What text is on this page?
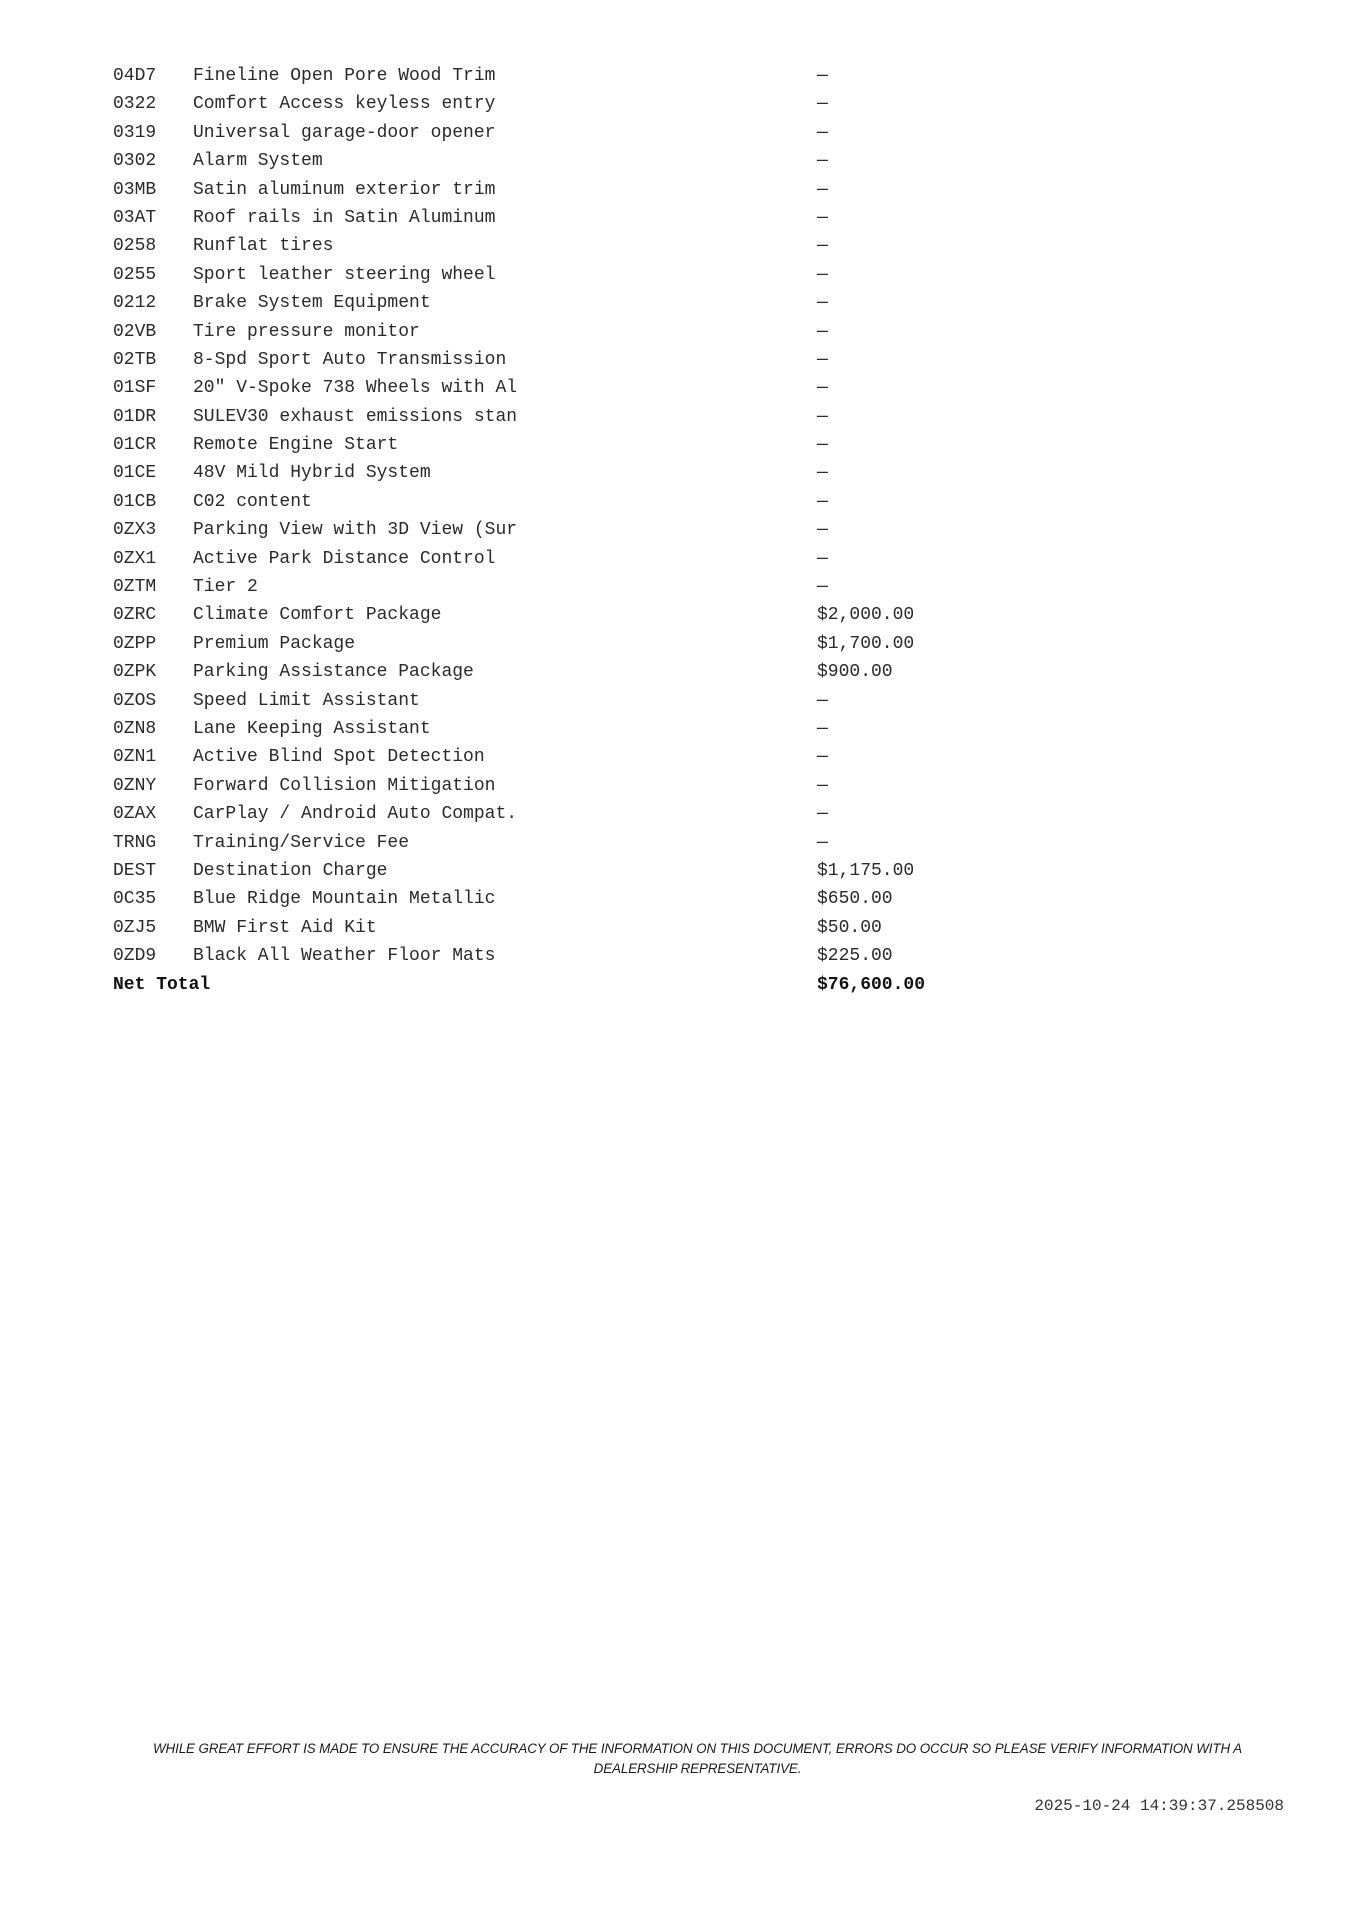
04D7 Fineline Open Pore Wood Trim	—
0322 Comfort Access keyless entry	—
0319 Universal garage-door opener	—
0302 Alarm System	—
03MB Satin aluminum exterior trim	—
03AT Roof rails in Satin Aluminum	—
0258 Runflat tires	—
0255 Sport leather steering wheel	—
0212 Brake System Equipment	—
02VB Tire pressure monitor	—
02TB 8-Spd Sport Auto Transmission	—
01SF 20" V-Spoke 738 Wheels with Al	—
01DR SULEV30 exhaust emissions stan	—
01CR Remote Engine Start	—
01CE 48V Mild Hybrid System	—
01CB C02 content	—
0ZX3 Parking View with 3D View (Sur	—
0ZX1 Active Park Distance Control	—
0ZTM Tier 2	—
0ZRC Climate Comfort Package	$2,000.00
0ZPP Premium Package	$1,700.00
0ZPK Parking Assistance Package	$900.00
0ZOS Speed Limit Assistant	—
0ZN8 Lane Keeping Assistant	—
0ZN1 Active Blind Spot Detection	—
0ZNY Forward Collision Mitigation	—
0ZAX CarPlay / Android Auto Compat.	—
TRNG Training/Service Fee	—
DEST Destination Charge	$1,175.00
0C35 Blue Ridge Mountain Metallic	$650.00
0ZJ5 BMW First Aid Kit	$50.00
0ZD9 Black All Weather Floor Mats	$225.00
Net Total	$76,600.00
WHILE GREAT EFFORT IS MADE TO ENSURE THE ACCURACY OF THE INFORMATION ON THIS DOCUMENT, ERRORS DO OCCUR SO PLEASE VERIFY INFORMATION WITH A DEALERSHIP REPRESENTATIVE.
2025-10-24 14:39:37.258508
